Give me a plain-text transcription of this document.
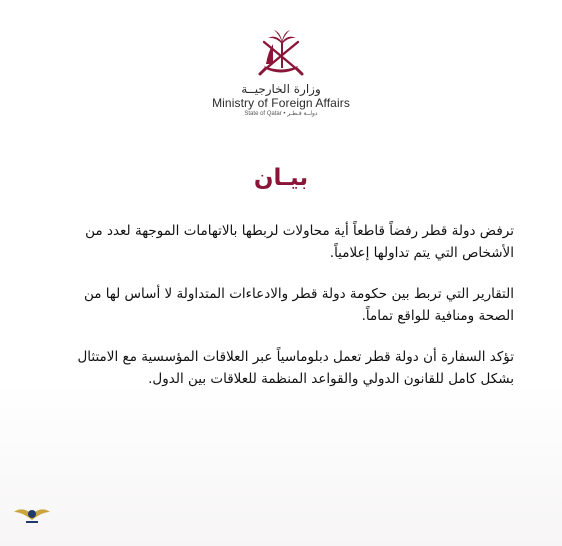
وزارة الخارجيــة
Ministry of Foreign Affairs
State of Qatar • دولــة قـطـر
بيـان

ترفض دولة قطر رفضاً قاطعاً أية محاولات لربطها بالاتهامات الموجهة لعدد من الأشخاص التي يتم تداولها إعلامياً.

التقارير التي تربط بين حكومة دولة قطر والادعاءات المتداولة لا أساس لها من الصحة ومنافية للواقع تماماً.

تؤكد السفارة أن دولة قطر تعمل دبلوماسياً عبر العلاقات المؤسسية مع الامتثال بشكل كامل للقانون الدولي والقواعد المنظمة للعلاقات بين الدول.
